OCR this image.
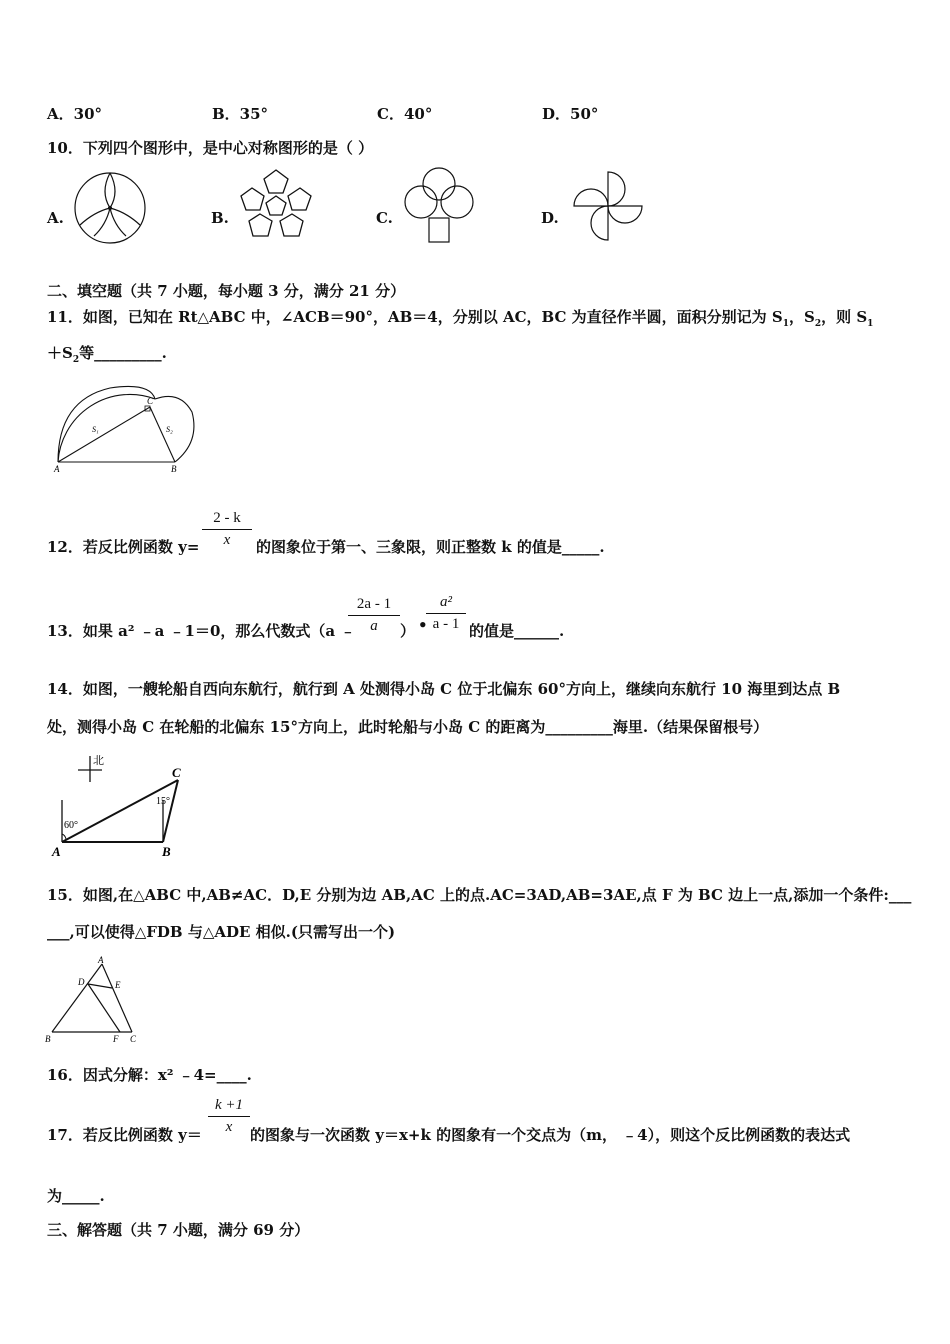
A．30°	B．35°	C．40°	D．50°
10．下列四个图形中，是中心对称图形的是（ ）
A.	B.	C.	D.
二、填空题（共 7 小题，每小题 3 分，满分 21 分）
11．如图，已知在 Rt△ABC 中，∠ACB＝90°，AB＝4，分别以 AC，BC 为直径作半圆，面积分别记为 $S_1$，$S_2$，则 $S_1$
$+S_2$等_________.
A	B
C
S₁	S₂
12．若反比例函数 y=
2 - k
x	的图象位于第一、三象限，则正整数 k 的值是_____.
13．如果 a² ﹣a ﹣1＝0，那么代数式（a ﹣
2a - 1
a	） •
a²
a - 1 的值是______.
14．如图，一艘轮船自西向东航行，航行到 A 处测得小岛 C 位于北偏东 60°方向上，继续向东航行 10 海里到达点 B
处，测得小岛 C 在轮船的北偏东 15°方向上，此时轮船与小岛 C 的距离为_________海里.（结果保留根号）
北
60°
15°
A	B
C
15．如图,在△ABC 中,AB≠AC．D,E 分别为边 AB,AC 上的点.AC=3AD,AB=3AE,点 F 为 BC 边上一点,添加一个条件:___
___,可以使得△FDB 与△ADE 相似.(只需写出一个)
A
D	E
B	F C
16．因式分解：x² ﹣4=____.
17．若反比例函数 y＝
k +1
x	的图象与一次函数 y＝x+k 的图象有一个交点为（m， ﹣4），则这个反比例函数的表达式
为_____.
三、解答题（共 7 小题，满分 69 分）
